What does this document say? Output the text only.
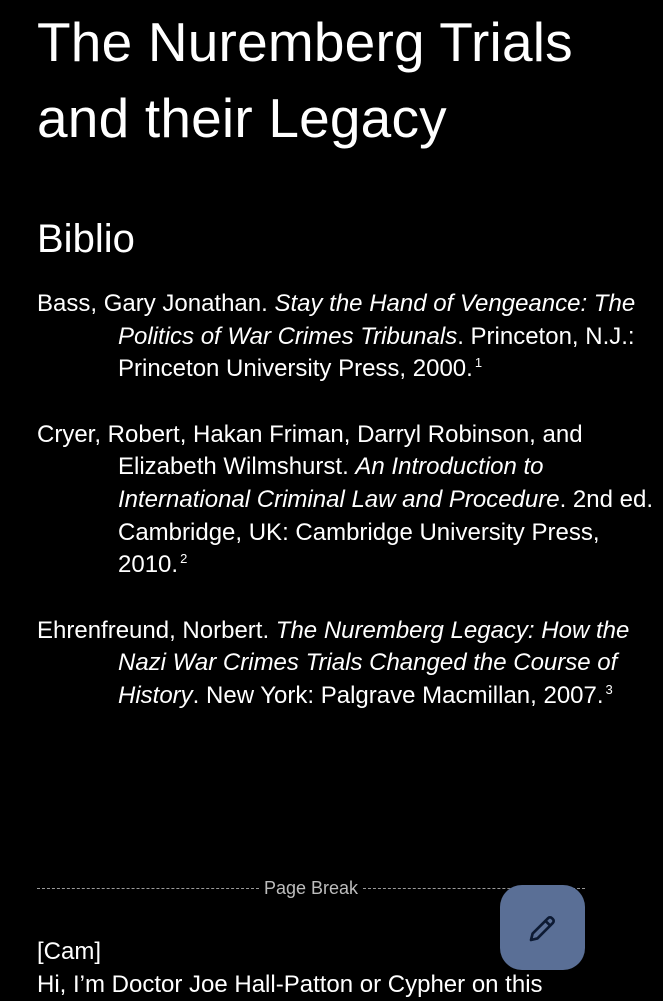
The Nuremberg Trials and their Legacy
Biblio
Bass, Gary Jonathan. Stay the Hand of Vengeance: The Politics of War Crimes Tribunals. Princeton, N.J.: Princeton University Press, 2000. $^1$
Cryer, Robert, Hakan Friman, Darryl Robinson, and Elizabeth Wilmshurst. An Introduction to International Criminal Law and Procedure. 2nd ed. Cambridge, UK: Cambridge University Press, 2010. $^2$
Ehrenfreund, Norbert. The Nuremberg Legacy: How the Nazi War Crimes Trials Changed the Course of History. New York: Palgrave Macmillan, 2007. $^3$
Page Break
[Cam]
Hi, I’m Doctor Joe Hall-Patton or Cypher on this
